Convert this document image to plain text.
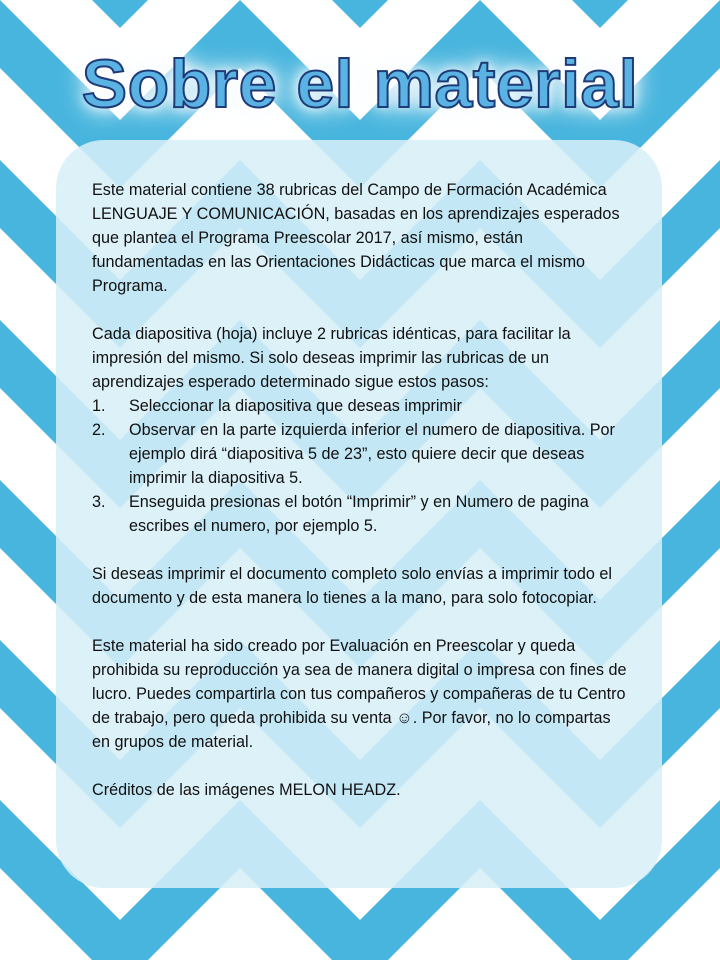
Sobre el material

Este material contiene 38 rubricas del Campo de Formación Académica LENGUAJE Y COMUNICACIÓN, basadas en los aprendizajes esperados que plantea el Programa Preescolar 2017, así mismo, están fundamentadas en las Orientaciones Didácticas que marca el mismo Programa.

Cada diapositiva (hoja) incluye 2 rubricas idénticas, para facilitar la impresión del mismo. Si solo deseas imprimir las rubricas de un aprendizajes esperado determinado sigue estos pasos:

1.	Seleccionar la diapositiva que deseas imprimir
2.	Observar en la parte izquierda inferior el numero de diapositiva. Por ejemplo dirá “diapositiva 5 de 23”, esto quiere decir que deseas imprimir la diapositiva 5.
3.	Enseguida presionas el botón “Imprimir” y en Numero de pagina escribes el numero, por ejemplo 5.

Si deseas imprimir el documento completo solo envías a imprimir todo el documento y de esta manera lo tienes a la mano, para solo fotocopiar.

Este material ha sido creado por Evaluación en Preescolar y queda prohibida su reproducción ya sea de manera digital o impresa con fines de lucro. Puedes compartirla con tus compañeros y compañeras de tu Centro de trabajo, pero queda prohibida su venta ☺. Por favor, no lo compartas en grupos de material.

Créditos de las imágenes MELON HEADZ.
